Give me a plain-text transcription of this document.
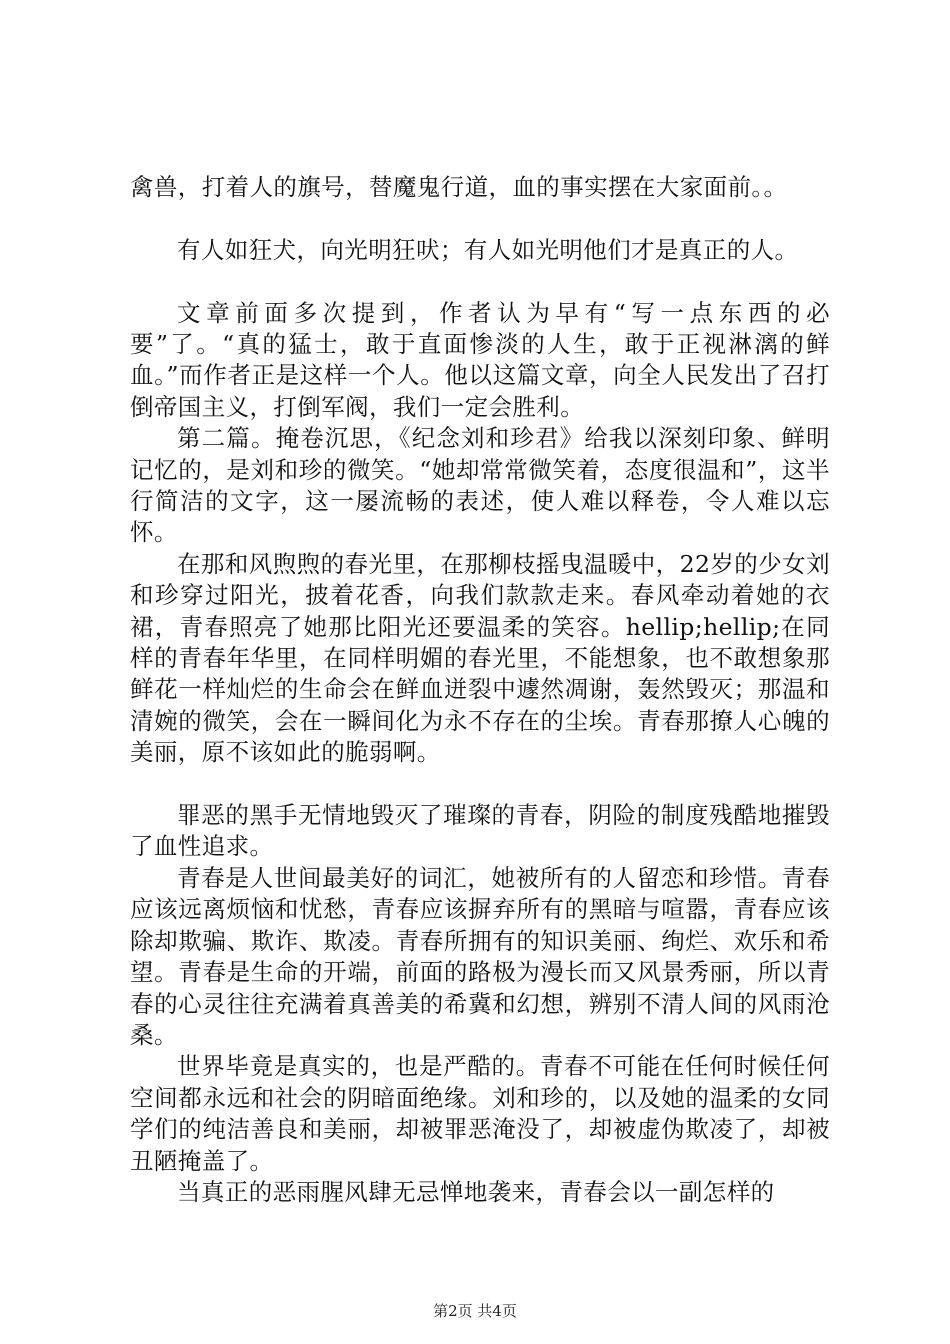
禽兽，打着人的旗号，替魔鬼行道，血的事实摆在大家面前。。

有人如狂犬，向光明狂吠；有人如光明他们才是真正的人。

文章前面多次提到，作者认为早有“写一点东西的必要”了。“真的猛士，敢于直面惨淡的人生，敢于正视淋漓的鲜血。”而作者正是这样一个人。他以这篇文章，向全人民发出了召打倒帝国主义，打倒军阀，我们一定会胜利。

第二篇。掩卷沉思，《纪念刘和珍君》给我以深刻印象、鲜明记忆的，是刘和珍的微笑。“她却常常微笑着，态度很温和”，这半行简洁的文字，这一屡流畅的表述，使人难以释卷，令人难以忘怀。

在那和风煦煦的春光里，在那柳枝摇曳温暖中，22岁的少女刘和珍穿过阳光，披着花香，向我们款款走来。春风牵动着她的衣裙，青春照亮了她那比阳光还要温柔的笑容。hellip;hellip;在同样的青春年华里，在同样明媚的春光里，不能想象，也不敢想象那鲜花一样灿烂的生命会在鲜血迸裂中遽然凋谢，轰然毁灭；那温和清婉的微笑，会在一瞬间化为永不存在的尘埃。青春那撩人心魄的美丽，原不该如此的脆弱啊。

罪恶的黑手无情地毁灭了璀璨的青春，阴险的制度残酷地摧毁了血性追求。

青春是人世间最美好的词汇，她被所有的人留恋和珍惜。青春应该远离烦恼和忧愁，青春应该摒弃所有的黑暗与喧嚣，青春应该除却欺骗、欺诈、欺凌。青春所拥有的知识美丽、绚烂、欢乐和希望。青春是生命的开端，前面的路极为漫长而又风景秀丽，所以青春的心灵往往充满着真善美的希冀和幻想，辨别不清人间的风雨沧桑。

世界毕竟是真实的，也是严酷的。青春不可能在任何时候任何空间都永远和社会的阴暗面绝缘。刘和珍的，以及她的温柔的女同学们的纯洁善良和美丽，却被罪恶淹没了，却被虚伪欺凌了，却被丑陋掩盖了。

当真正的恶雨腥风肆无忌惮地袭来，青春会以一副怎样的

第2页 共4页
